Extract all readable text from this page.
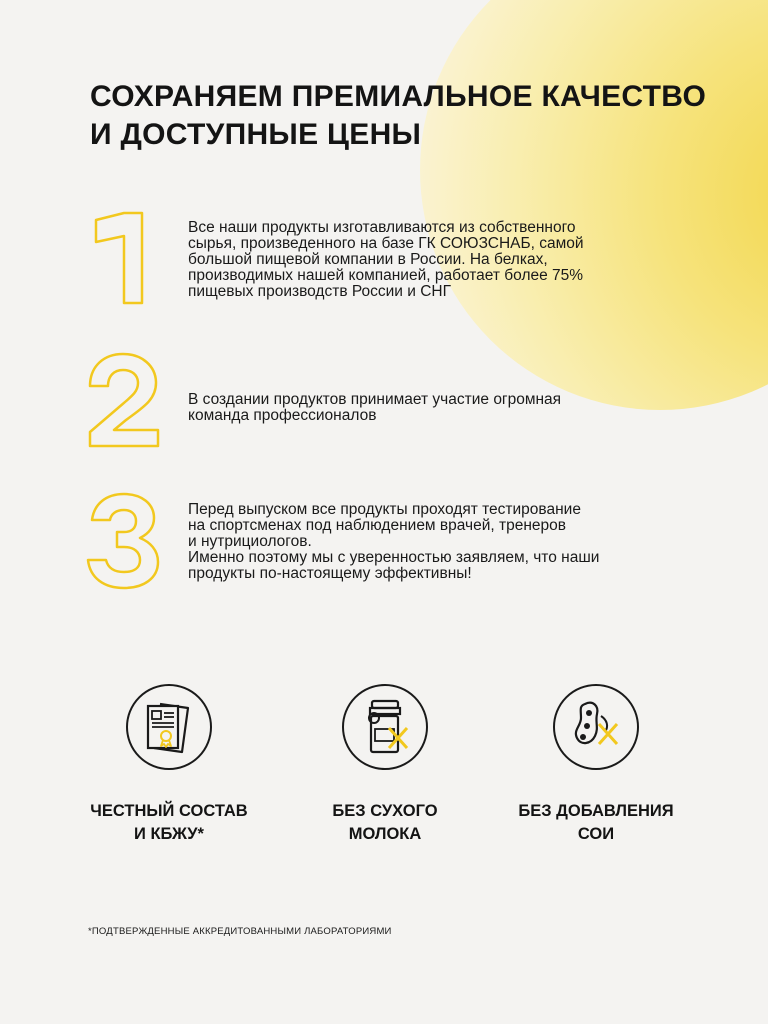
СОХРАНЯЕМ ПРЕМИАЛЬНОЕ КАЧЕСТВО
И ДОСТУПНЫЕ ЦЕНЫ
Все наши продукты изготавливаются из собственного
сырья, произведенного на базе ГК СОЮЗСНАБ, самой
большой пищевой компании в России. На белках,
производимых нашей компанией, работает более 75%
пищевых производств России и СНГ
В создании продуктов принимает участие огромная
команда профессионалов
Перед выпуском все продукты проходят тестирование
на спортсменах под наблюдением врачей, тренеров
и нутрициологов.
Именно поэтому мы с уверенностью заявляем, что наши
продукты по-настоящему эффективны!
ЧЕСТНЫЙ СОСТАВ
И КБЖУ*
БЕЗ СУХОГО
МОЛОКА
БЕЗ ДОБАВЛЕНИЯ
СОИ
*ПОДТВЕРЖДЕННЫЕ АККРЕДИТОВАННЫМИ ЛАБОРАТОРИЯМИ
